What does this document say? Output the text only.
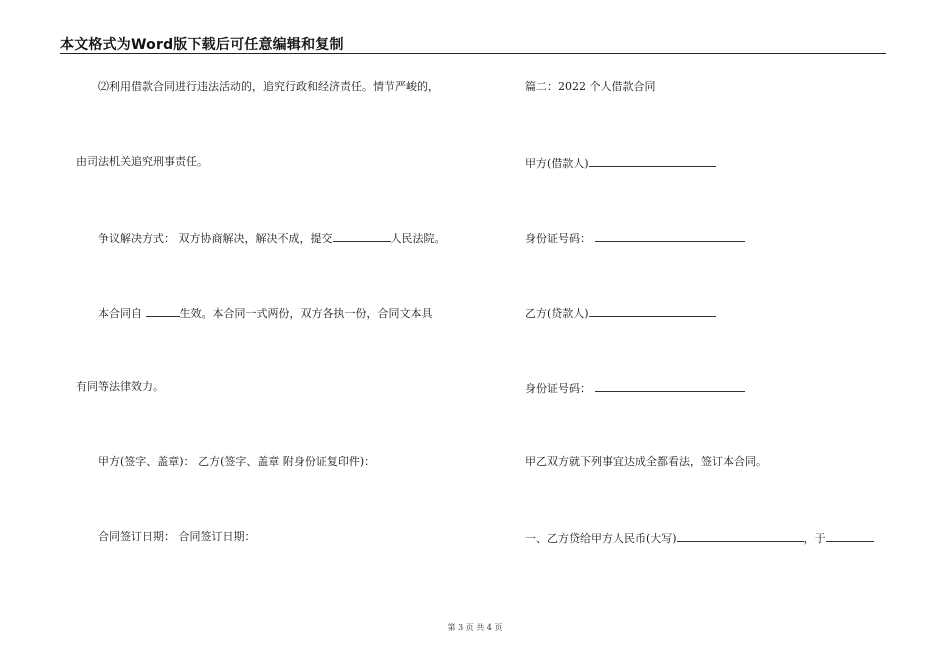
本文格式为Word版下载后可任意编辑和复制
⑵利用借款合同进行违法活动的，追究行政和经济责任。情节严峻的，
由司法机关追究刑事责任。
争议解决方式： 双方协商解决，解决不成，提交	人民法院。
本合同自	生效。本合同一式两份，双方各执一份，合同文本具
有同等法律效力。
甲方(签字、盖章)： 乙方(签字、盖章 附身份证复印件)：
合同签订日期： 合同签订日期：
篇二：2022 个人借款合同
甲方(借款人)
身份证号码：
乙方(贷款人)
身份证号码：
甲乙双方就下列事宜达成全都看法，签订本合同。
一、乙方贷给甲方人民币(大写)	，于
第 3 页 共 4 页
